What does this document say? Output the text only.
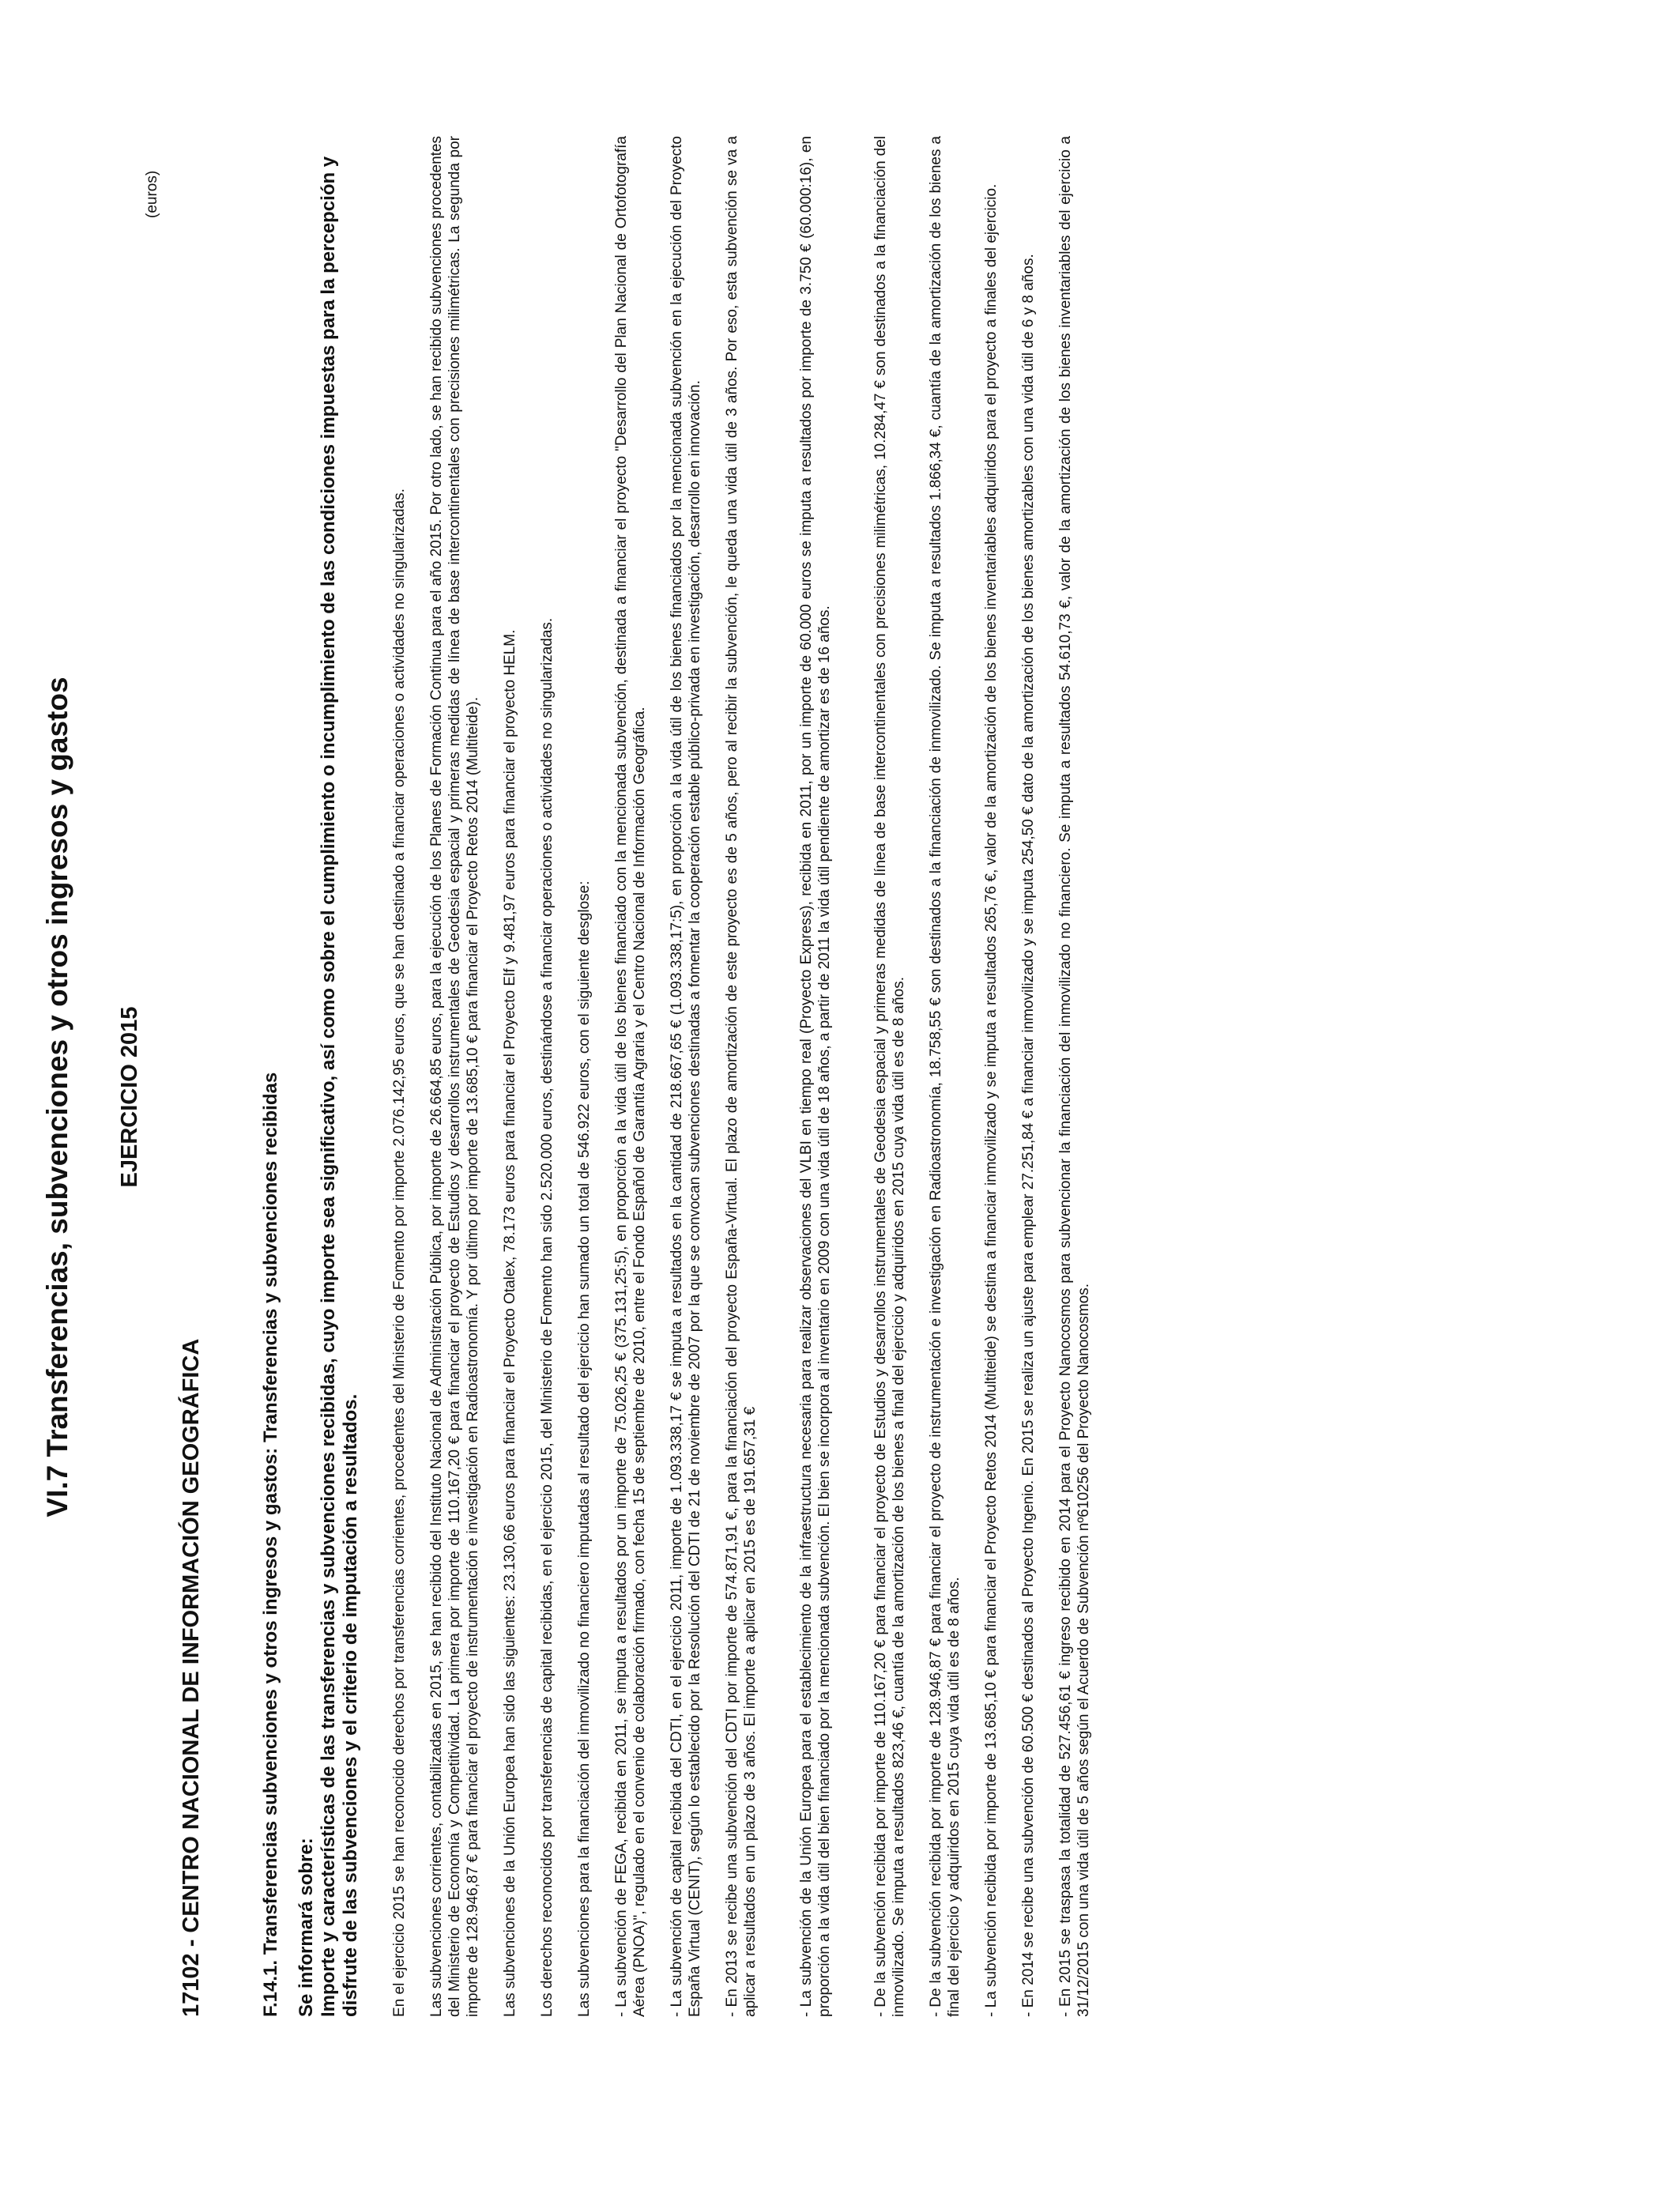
VI.7 Transferencias, subvenciones y otros ingresos y gastos EJERCICIO 2015
(euros)
17102 - CENTRO NACIONAL DE INFORMACIÓN GEOGRÁFICA	F.14.1. Transferencias subvenciones y otros ingresos y gastos: Transferencias y subvenciones recibidas Se informará sobre: Importe y características de las transferencias y subvenciones recibidas, cuyo importe sea significativo, así como sobre el cumplimiento o incumplimiento de las condiciones impuestas para la percepción y disfrute de las subvenciones y el criterio de imputación a resultados. En el ejercicio 2015 se han reconocido derechos por transferencias corrientes, procedentes del Ministerio de Fomento por importe 2.076.142,95 euros, que se han destinado a financiar operaciones o actividades no singularizadas. Las subvenciones corrientes, contabilizadas en 2015, se han recibido del Instituto Nacional de Administración Pública, por importe de 26.664,85 euros, para la ejecución de los Planes de Formación Continua para el año 2015. Por otro lado, se han recibido subvenciones procedentes del Ministerio de Economía y Competitividad. La primera por importe de 110.167,20 € para financiar el proyecto de Estudios y desarrollos instrumentales de Geodesia espacial y primeras medidas de línea de base intercontinentales con precisiones milimétricas. La segunda por importe de 128.946,87 € para financiar el proyecto de instrumentación e investigación en Radioastronomía. Y por último por importe de 13.685,10 € para financiar el Proyecto Retos 2014 (Multiteide). Las subvenciones de la Unión Europea han sido las siguientes: 23.130,66 euros para financiar el Proyecto Otalex, 78.173 euros para financiar el Proyecto Elf y 9.481,97 euros para financiar el proyecto HELM. Los derechos reconocidos por transferencias de capital recibidas, en el ejercicio 2015, del Ministerio de Fomento han sido 2.520.000 euros, destinándose a financiar operaciones o actividades no singularizadas. Las subvenciones para la financiación del inmovilizado no financiero imputadas al resultado del ejercicio han sumado un total de 546.922 euros, con el siguiente desglose: - La subvención de FEGA, recibida en 2011, se imputa a resultados por un importe de 75.026,25 € (375.131,25:5), en proporción a la vida útil de los bienes financiado con la mencionada subvención, destinada a financiar el proyecto "Desarrollo del Plan Nacional de Ortofotografía Aérea (PNOA)", regulado en el convenio de colaboración firmado, con fecha 15 de septiembre de 2010, entre el Fondo Español de Garantía Agraria y el Centro Nacional de Información Geográfica. - La subvención de capital recibida del CDTI, en el ejercicio 2011, importe de 1.093.338,17 € se imputa a resultados en la cantidad de 218.667,65 € (1.093.338,17:5), en proporción a la vida útil de los bienes financiados por la mencionada subvención en la ejecución del Proyecto España Virtual (CENIT), según lo establecido por la Resolución del CDTI de 21 de noviembre de 2007 por la que se convocan subvenciones destinadas a fomentar la cooperación estable público-privada en investigación, desarrollo en innovación. - En 2013 se recibe una subvención del CDTI por importe de 574.871,91 €, para la financiación del proyecto España-Virtual. El plazo de amortización de este proyecto es de 5 años, pero al recibir la subvención, le queda una vida útil de 3 años. Por eso, esta subvención se va a aplicar a resultados en un plazo de 3 años. El importe a aplicar en 2015 es de 191.657,31 €	- La subvención de la Unión Europea para el establecimiento de la infraestructura necesaria para realizar observaciones del VLBI en tiempo real (Proyecto Express), recibida en 2011, por un importe de 60.000 euros se imputa a resultados por importe de 3.750 € (60.000:16), en proporción a la vida útil del bien financiado por la mencionada subvención. El bien se incorpora al inventario en 2009 con una vida útil de 18 años, a partir de 2011 la vida útil pendiente de amortizar es de 16 años.	- De la subvención recibida por importe de 110.167,20 € para financiar el proyecto de Estudios y desarrollos instrumentales de Geodesia espacial y primeras medidas de línea de base intercontinentales con precisiones milimétricas, 10.284,47 € son destinados a la financiación del inmovilizado. Se imputa a resultados 823,46 €, cuantía de la amortización de los bienes a final del ejercicio y adquiridos en 2015 cuya vida útil es de 8 años. - De la subvención recibida por importe de 128.946,87 € para financiar el proyecto de instrumentación e investigación en Radioastronomía, 18.758,55 € son destinados a la financiación de inmovilizado. Se imputa a resultados 1.866,34 €, cuantía de la amortización de los bienes a final del ejercicio y adquiridos en 2015 cuya vida útil es de 8 años. - La subvención recibida por importe de 13.685,10 € para financiar el Proyecto Retos 2014 (Multiteide) se destina a financiar inmovilizado y se imputa a resultados 265,76 €, valor de la amortización de los bienes inventariables adquiridos para el proyecto a finales del ejercicio. - En 2014 se recibe una subvención de 60.500 € destinados al Proyecto Ingenio. En 2015 se realiza un ajuste para emplear 27.251,84 € a financiar inmovilizado y se imputa 254,50 € dato de la amortización de los bienes amortizables con una vida útil de 6 y 8 años. - En 2015 se traspasa la totalidad de 527.456,61 € ingreso recibido en 2014 para el Proyecto Nanocosmos para subvencionar la financiación del inmovilizado no financiero. Se imputa a resultados 54.610,73 €, valor de la amortización de los bienes inventariables del ejercicio a 31/12/2015 con una vida útil de 5 años según el Acuerdo de Subvención nº610256 del Proyecto Nanocosmos.
